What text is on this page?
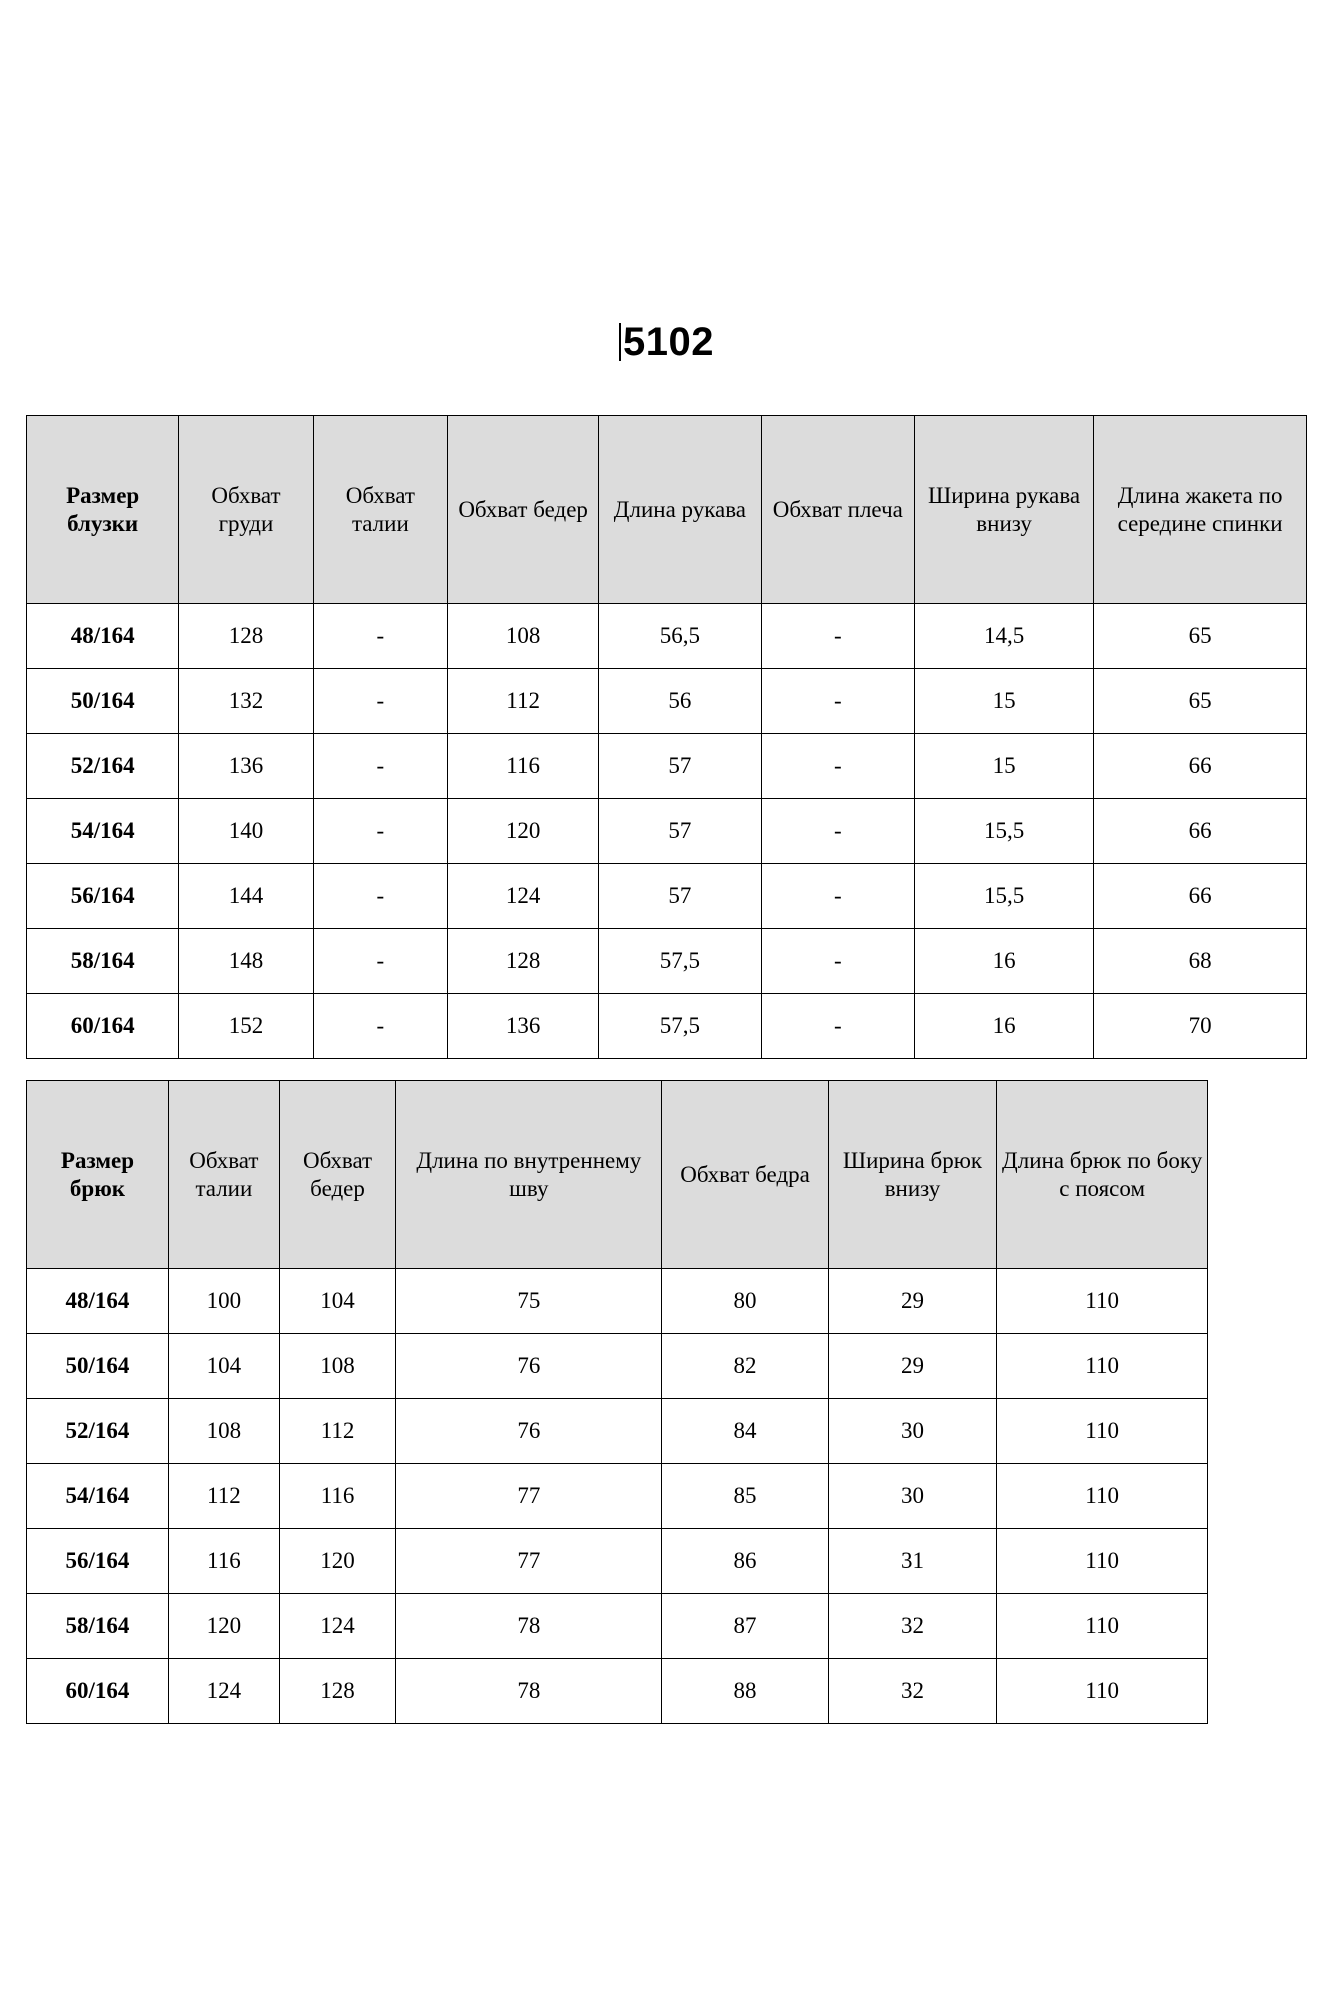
5102
Размер блузки	Обхват груди	Обхват талии	Обхват бедер	Длина рукава	Обхват плеча	Ширина рукава внизу	Длина жакета по середине спинки
48/164	128	-	108	56,5	-	14,5	65
50/164	132	-	112	56	-	15	65
52/164	136	-	116	57	-	15	66
54/164	140	-	120	57	-	15,5	66
56/164	144	-	124	57	-	15,5	66
58/164	148	-	128	57,5	-	16	68
60/164	152	-	136	57,5	-	16	70
Размер брюк	Обхват талии	Обхват бедер	Длина по внутреннему шву	Обхват бедра	Ширина брюк внизу	Длина брюк по боку с поясом
48/164	100	104	75	80	29	110
50/164	104	108	76	82	29	110
52/164	108	112	76	84	30	110
54/164	112	116	77	85	30	110
56/164	116	120	77	86	31	110
58/164	120	124	78	87	32	110
60/164	124	128	78	88	32	110
